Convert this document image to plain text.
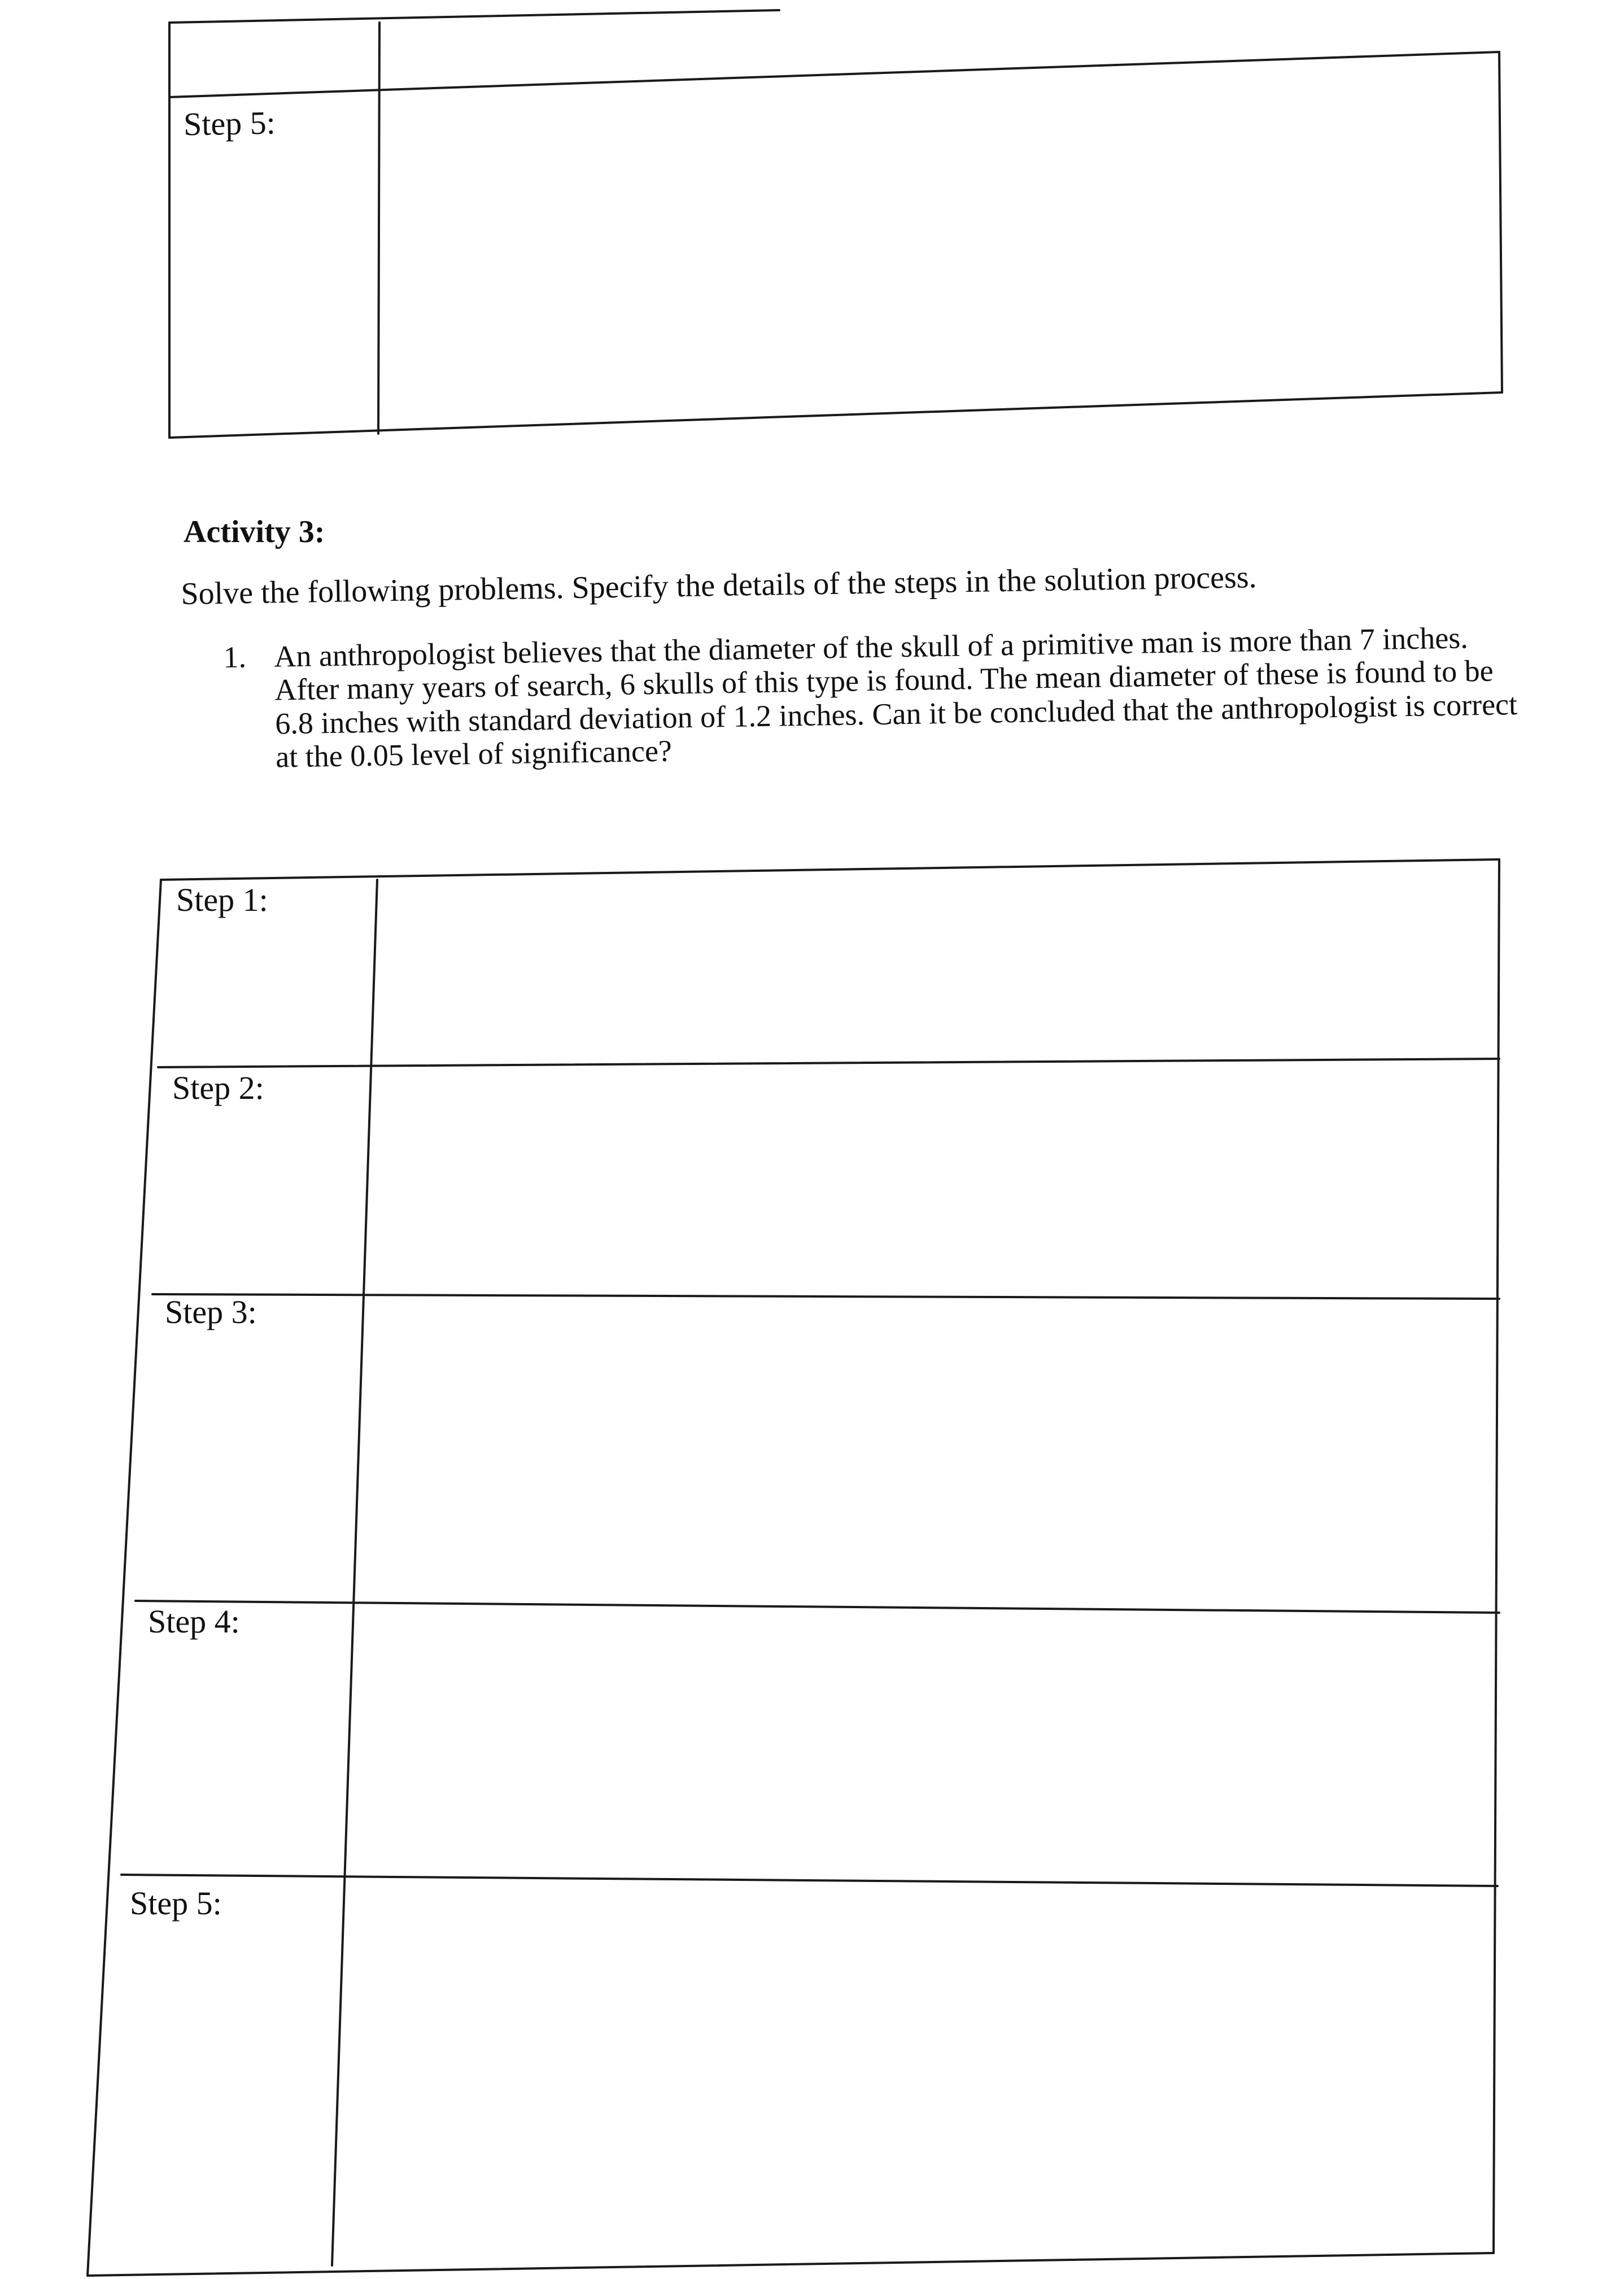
Step 5:
Activity 3:
Solve the following problems. Specify the details of the steps in the solution process.
1. An anthropologist believes that the diameter of the skull of a primitive man is more than 7 inches. After many years of search, 6 skulls of this type is found. The mean diameter of these is found to be 6.8 inches with standard deviation of 1.2 inches. Can it be concluded that the anthropologist is correct at the 0.05 level of significance?
Step 1:
Step 2:
Step 3:
Step 4:
Step 5:
